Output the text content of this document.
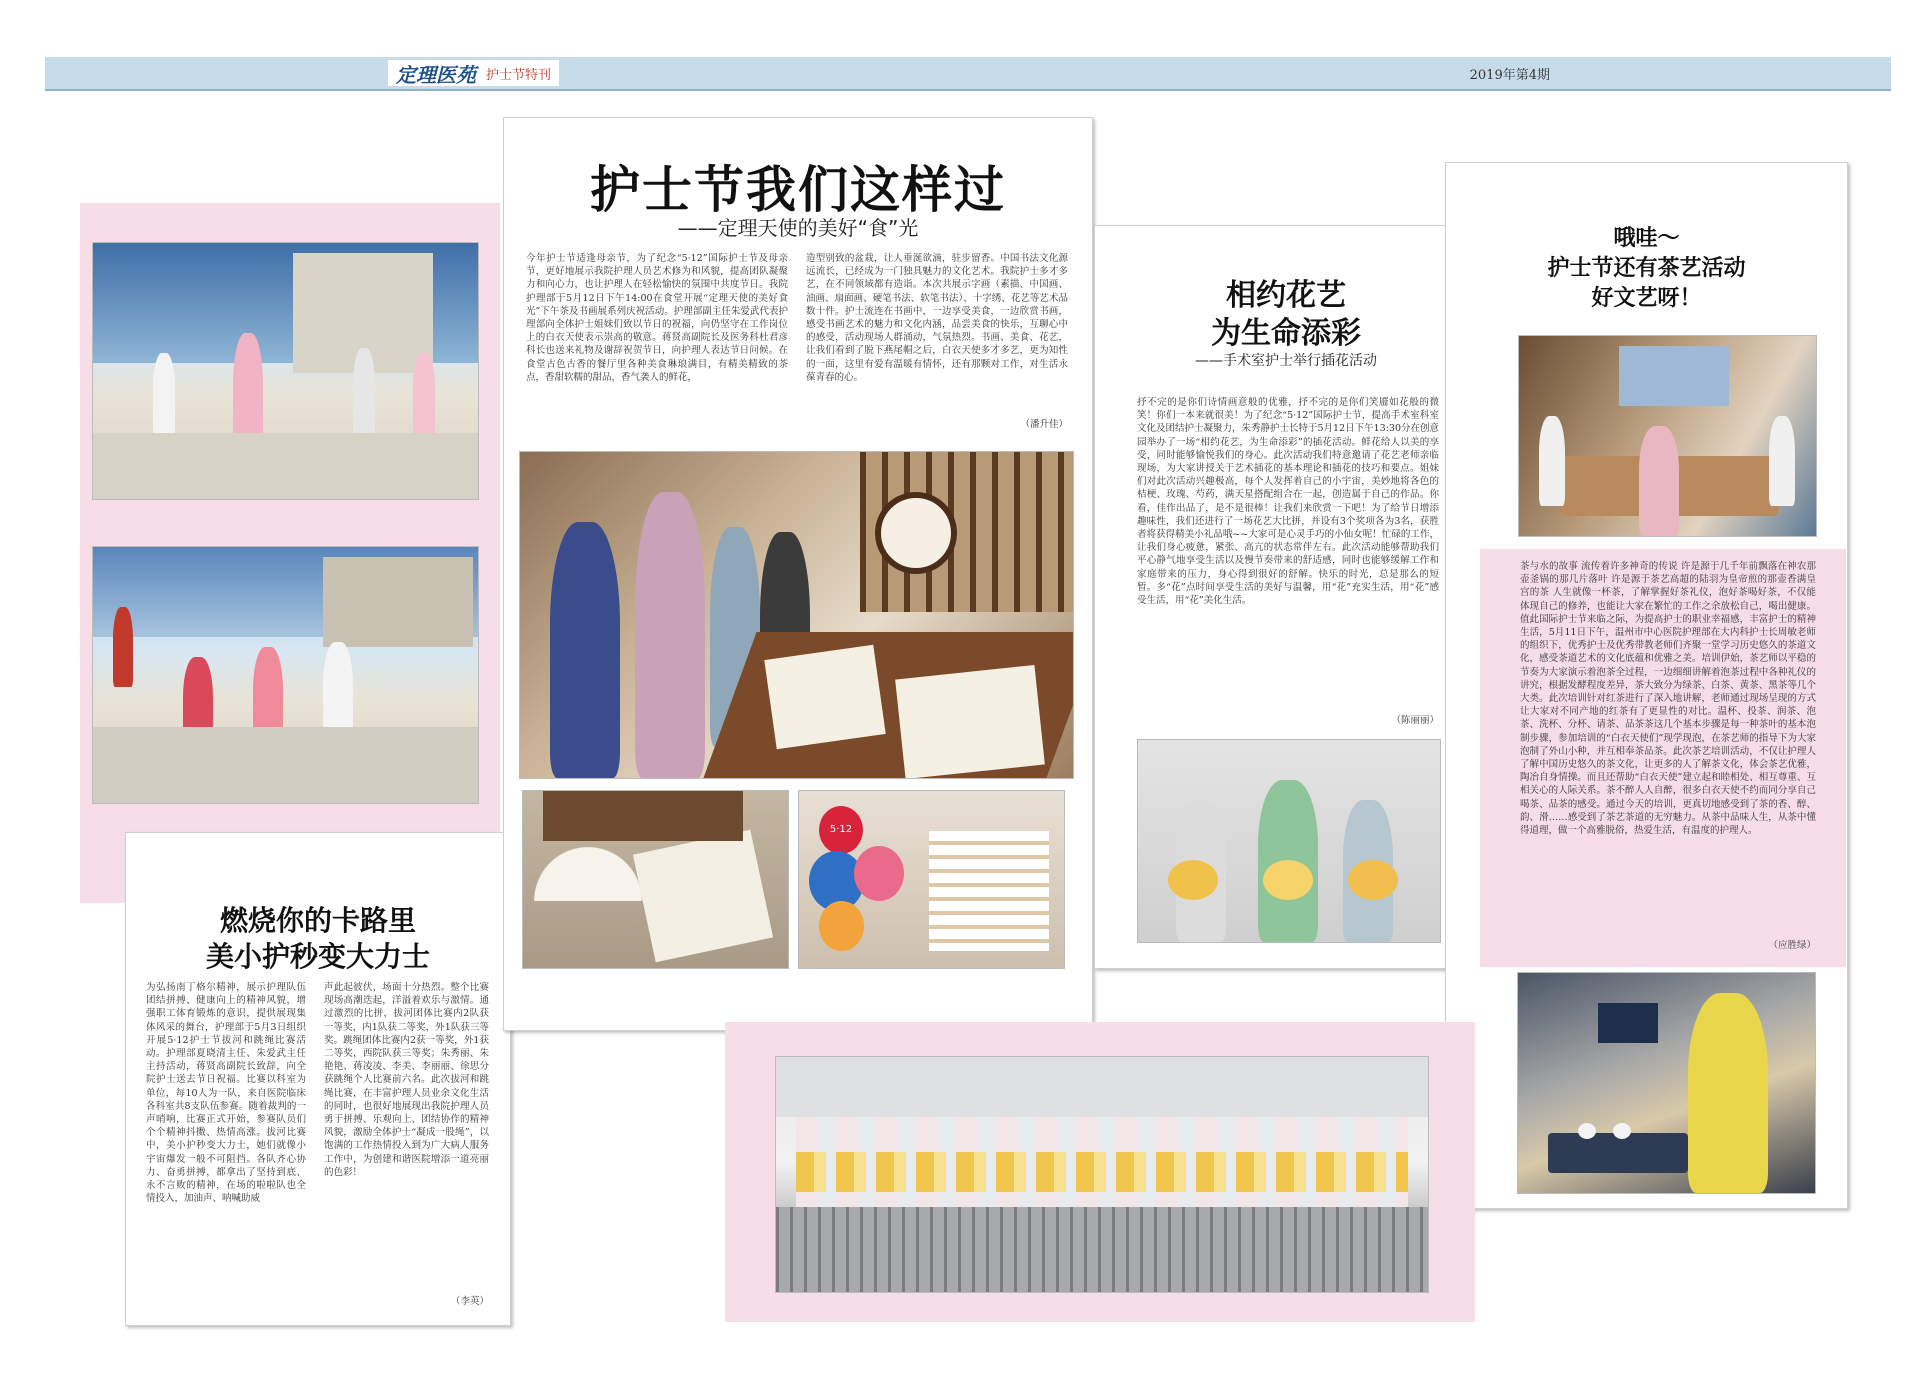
定理医苑 护士节特刊	2019年第4期
燃烧你的卡路里
美小护秒变大力士
为弘扬南丁格尔精神，展示护理队伍团结拼搏、健康向上的精神风貌，增强职工体育锻炼的意识，提供展现集体风采的舞台，护理部于5月3日组织开展5·12护士节拔河和跳绳比赛活动。护理部夏晓清主任、朱爱武主任主持活动，蒋贤高副院长致辞，向全院护士送去节日祝福。比赛以科室为单位，每10人为一队，来自医院临床各科室共8支队伍参赛。随着裁判的一声哨响，比赛正式开始，参赛队员们个个精神抖擞、热情高涨。拔河比赛中，美小护秒变大力士，她们就像小宇宙爆发一般不可阻挡。各队齐心协力、奋勇拼搏，都拿出了坚持到底、永不言败的精神，在场的啦啦队也全情投入，加油声、呐喊助威
声此起彼伏，场面十分热烈。整个比赛现场高潮迭起，洋溢着欢乐与激情。通过激烈的比拼，拔河团体比赛内2队获一等奖，内1队获二等奖，外1队获三等奖。跳绳团体比赛内2获一等奖，外1获二等奖，西院队获三等奖；朱秀丽、朱艳艳、蒋凌凌、李美、李丽丽、徐思分获跳绳个人比赛前六名。此次拔河和跳绳比赛，在丰富护理人员业余文化生活的同时，也很好地展现出我院护理人员勇于拼搏、乐观向上、团结协作的精神风貌，激励全体护士“凝成一股绳”，以饱满的工作热情投入到为广大病人服务工作中，为创建和谐医院增添一道亮丽的色彩！
（李英）
护士节我们这样过
——定理天使的美好“食”光
今年护士节适逢母亲节，为了纪念“5·12”国际护士节及母亲节，更好地展示我院护理人员艺术修为和风貌，提高团队凝聚力和向心力，也让护理人在轻松愉快的氛围中共度节日。我院护理部于5月12日下午14:00在食堂开展“定理天使的美好食光”下午茶及书画展系列庆祝活动。护理部副主任朱爱武代表护理部向全体护士姐妹们致以节日的祝福，向仍坚守在工作岗位上的白衣天使表示崇高的敬意。蒋贤高副院长及医务科杜君彦科长也送来礼物及谢辞祝贺节日，向护理人表达节日问候。在食堂古色古香的餐厅里各种美食琳琅满目，有精美精致的茶点，香甜软糯的甜品，香气袭人的鲜花，
造型别致的盆栽，让人垂涎欲滴，驻步留香。中国书法文化源远流长，已经成为一门独具魅力的文化艺术。我院护士多才多艺，在不同领域都有造诣。本次共展示字画（素描、中国画、油画、扇面画、硬笔书法、软笔书法）、十字绣、花艺等艺术品数十件。护士流连在书画中，一边享受美食，一边欣赏书画，感受书画艺术的魅力和文化内涵，品尝美食的快乐，互聊心中的感受，活动现场人群涌动，气氛热烈。书画、美食、花艺，让我们看到了脱下燕尾帽之后，白衣天使多才多艺，更为知性的一面，这里有爱有温暖有情怀，还有那颗对工作，对生活永葆青春的心。
（潘升佳）
5·12
相约花艺
为生命添彩
——手术室护士举行插花活动
抒不完的是你们诗情画意般的优雅，抒不完的是你们笑靥如花般的微笑！你们一本来就很美！为了纪念“5·12”国际护士节，提高手术室科室文化及团结护士凝聚力，朱秀静护士长特于5月12日下午13:30分在创意园举办了一场“相约花艺，为生命添彩”的插花活动。鲜花给人以美的享受，同时能够愉悦我们的身心。此次活动我们特意邀请了花艺老师亲临现场，为大家讲授关于艺术插花的基本理论和插花的技巧和要点。姐妹们对此次活动兴趣极高，每个人发挥着自己的小宇宙，美妙地将各色的桔梗、玫瑰、芍药，满天星搭配组合在一起，创造属于自己的作品。你看，佳作出品了，是不是很棒！让我们来欣赏一下吧！为了给节日增添趣味性，我们还进行了一场花艺大比拼，并设有3个奖项各为3名，获胜者将获得精美小礼品哦~~大家可是心灵手巧的小仙女呢！忙碌的工作，让我们身心疲惫，紧张、高亢的状态常伴左右。此次活动能够帮助我们平心静气地享受生活以及慢节奏带来的舒适感，同时也能够缓解工作和家庭带来的压力，身心得到很好的舒解。快乐的时光，总是那么的短暂。多“花”点时间享受生活的美好与温馨，用“花”充实生活，用“花”感受生活，用“花”美化生活。
（陈丽丽）
哦哇～
护士节还有茶艺活动
好文艺呀！
茶与水的故事 流传着许多神奇的传说 许是源于几千年前飘落在神农那壶釜锅的那几片落叶 许是源于茶艺高超的陆羽为皇帝煎的那壶香满皇宫的茶 人生就像一杯茶，了解掌握好茶礼仪，泡好茶喝好茶，不仅能体现自己的修养，也能让大家在繁忙的工作之余放松自己，喝出健康。值此国际护士节来临之际，为提高护士的职业幸福感，丰富护士的精神生活，5月11日下午，温州市中心医院护理部在大内科护士长周敏老师的组织下，优秀护士及优秀带教老师们齐聚一堂学习历史悠久的茶道文化，感受茶道艺术的文化底蕴和优雅之美。培训伊始，茶艺师以平稳的节奏为大家演示着泡茶全过程，一边细细讲解着泡茶过程中各种礼仪的讲究，根据发酵程度差异，茶大致分为绿茶、白茶、黄茶、黑茶等几个大类。此次培训针对红茶进行了深入地讲解，老师通过现场呈现的方式让大家对不同产地的红茶有了更显性的对比。温杯、投茶、润茶、泡茶、洗杯、分杯、请茶、品茶茶这几个基本步骤是每一种茶叶的基本泡制步骤，参加培训的“白衣天使们”现学现泡，在茶艺师的指导下为大家泡制了外山小种，并互相奉茶品茶。此次茶艺培训活动，不仅让护理人了解中国历史悠久的茶文化，让更多的人了解茶文化，体会茶艺优雅，陶冶自身情操。而且还帮助“白衣天使”建立起和睦相处、相互尊重、互相关心的人际关系。茶不醉人人自醉，很多白衣天使不约而同分享自己喝茶、品茶的感受。通过今天的培训，更真切地感受到了茶的香、醇、韵、滑……感受到了茶艺茶道的无穷魅力。从茶中品味人生，从茶中懂得道理，做一个高雅脱俗，热爱生活，有温度的护理人。
（应胜绿）
